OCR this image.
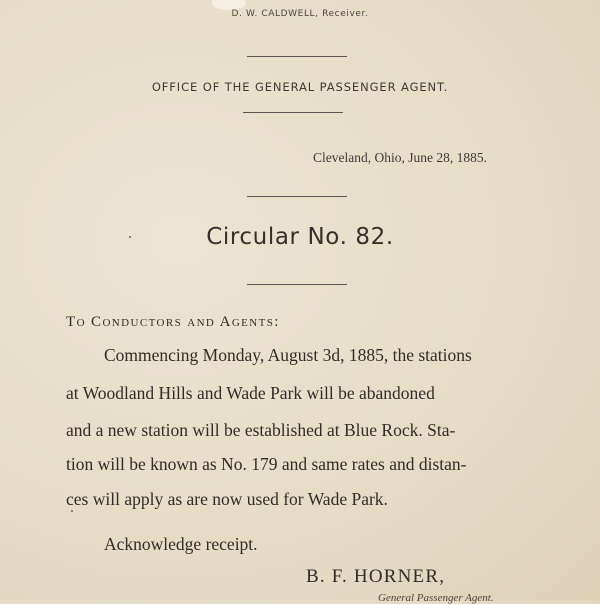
D. W. CALDWELL, Receiver.
OFFICE OF THE GENERAL PASSENGER AGENT.
Cleveland, Ohio, June 28, 1885.
Circular No. 82.
To Conductors and Agents:
Commencing Monday, August 3d, 1885, the stations
at Woodland Hills and Wade Park will be abandoned
and a new station will be established at Blue Rock. Sta-
tion will be known as No. 179 and same rates and distan-
ces will apply as are now used for Wade Park.
Acknowledge receipt.
B. F. HORNER,
General Passenger Agent.
